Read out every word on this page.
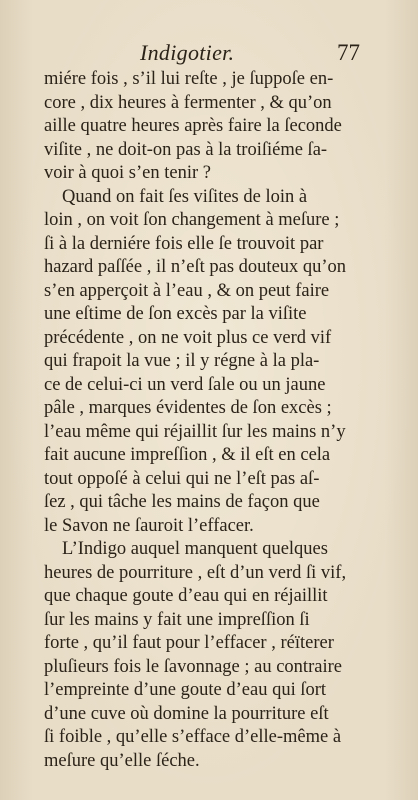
Indigotier.	77
miére fois , s’il lui reſte , je ſuppoſe en-
core , dix heures à fermenter , & qu’on
aille quatre heures après faire la ſeconde
viſite , ne doit-on pas à la troiſiéme ſa-
voir à quoi s’en tenir ?
Quand on fait ſes viſites de loin à
loin , on voit ſon changement à meſure ;
ſi à la derniére fois elle ſe trouvoit par
hazard paſſée , il n’eſt pas douteux qu’on
s’en apperçoit à l’eau , & on peut faire
une eſtime de ſon excès par la viſite
précédente , on ne voit plus ce verd vif
qui frapoit la vue ; il y régne à la pla-
ce de celui-ci un verd ſale ou un jaune
pâle , marques évidentes de ſon excès ;
l’eau même qui réjaillit ſur les mains n’y
fait aucune impreſſion , & il eſt en cela
tout oppoſé à celui qui ne l’eſt pas aſ-
ſez , qui tâche les mains de façon que
le Savon ne ſauroit l’effacer.
L’Indigo auquel manquent quelques
heures de pourriture , eſt d’un verd ſi vif,
que chaque goute d’eau qui en réjaillit
ſur les mains y fait une impreſſion ſi
forte , qu’il faut pour l’effacer , réïterer
pluſieurs fois le ſavonnage ; au contraire
l’empreinte d’une goute d’eau qui ſort
d’une cuve où domine la pourriture eſt
ſi foible , qu’elle s’efface d’elle-même à
meſure qu’elle ſéche.
